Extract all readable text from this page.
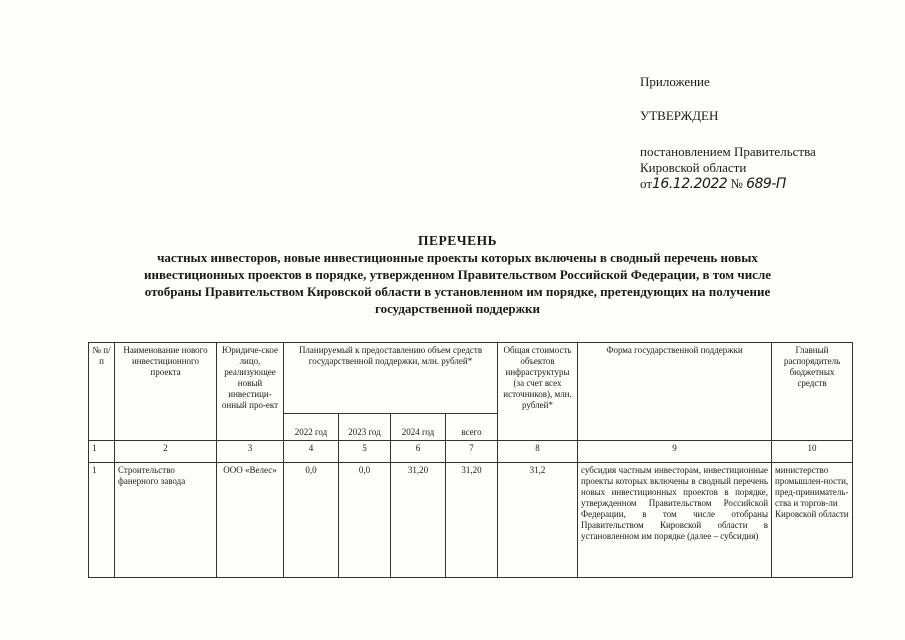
Приложение
УТВЕРЖДЕН
постановлением Правительства
Кировской области
от16.12.2022 № 689-П
ПЕРЕЧЕНЬ
частных инвесторов, новые инвестиционные проекты которых включены в сводный перечень новых
инвестиционных проектов в порядке, утвержденном Правительством Российской Федерации, в том числе
отобраны Правительством Кировской области в установленном им порядке, претендующих на получение
государственной поддержки
№ п/п	Наименование нового инвестиционного проекта	Юридиче-ское лицо, реализующее новый инвестици-онный про-ект	Планируемый к предоставлению объем средств государственной поддержки, млн. рублей*				Общая стоимость объектов инфраструктуры (за счет всех источников), млн. рублей*	Форма государственной поддержки	Главный распорядитель бюджетных средств
			2022 год	2023 год	2024 год	всего			
1	2	3	4	5	6	7	8	9	10
1	Строительство фанерного завода	ООО «Велес»	0,0	0,0	31,20	31,20	31,2	субсидия частным инвесторам, инвестиционные проекты которых включены в сводный перечень новых инвестиционных проектов в порядке, утвержденном Правительством Российской Федерации, в том числе отобраны Правительством Кировской области в установленном им порядке (далее – субсидия)	министерство промышлен-ности, пред-приниматель-ства и торгов-ли Кировской области
